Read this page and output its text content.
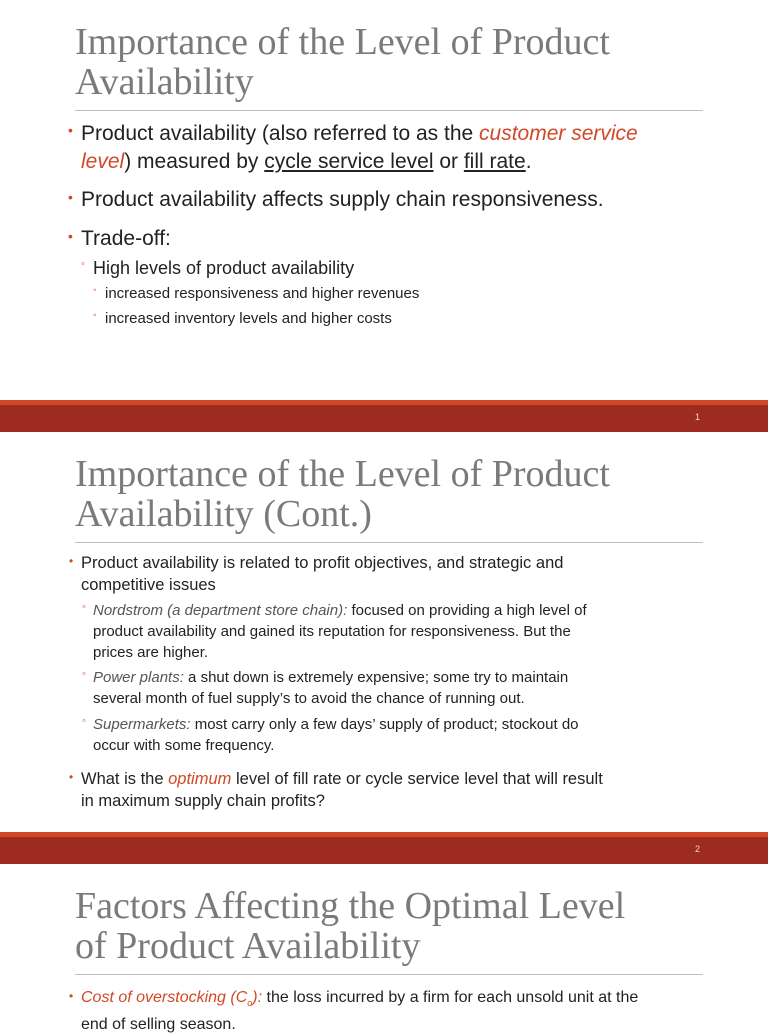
Importance of the Level of Product
Availability
• Product availability (also referred to as the customer service
level) measured by cycle service level or fill rate.
• Product availability affects supply chain responsiveness.
• Trade-off:
◦ High levels of product availability
◦ increased responsiveness and higher revenues
◦ increased inventory levels and higher costs
1
Importance of the Level of Product
Availability (Cont.)
• Product availability is related to profit objectives, and strategic and
competitive issues
◦ Nordstrom (a department store chain): focused on providing a high level of
product availability and gained its reputation for responsiveness. But the
prices are higher.
◦ Power plants: a shut down is extremely expensive; some try to maintain
several month of fuel supply’s to avoid the chance of running out.
◦ Supermarkets: most carry only a few days’ supply of product; stockout do
occur with some frequency.
• What is the optimum level of fill rate or cycle service level that will result
in maximum supply chain profits?
2
Factors Affecting the Optimal Level
of Product Availability
• Cost of overstocking $(C_o)$: the loss incurred by a firm for each unsold unit at the
end of selling season.
